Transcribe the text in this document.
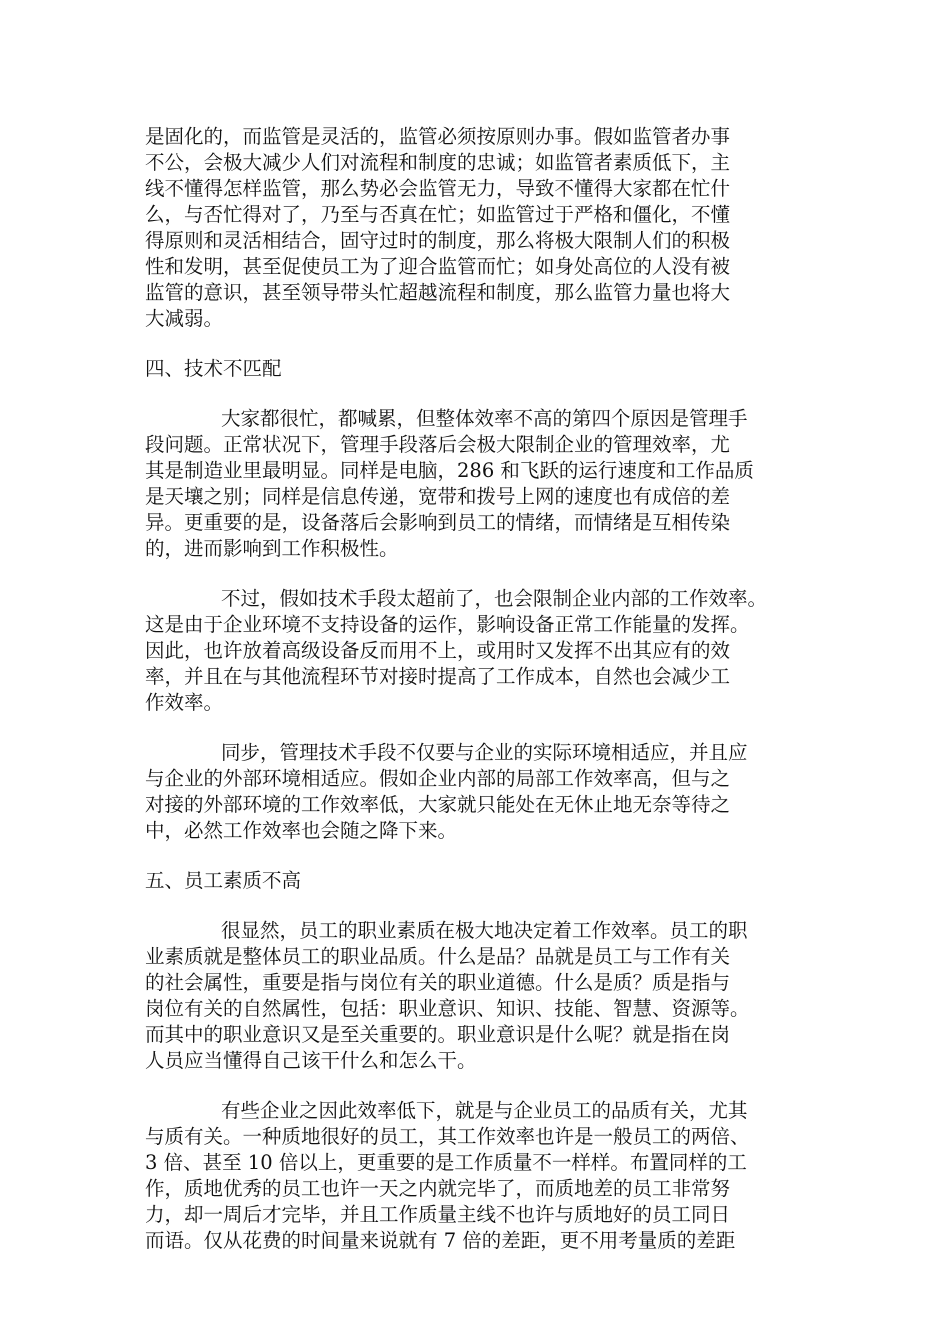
是固化的，而监管是灵活的，监管必须按原则办事。假如监管者办事
不公，会极大减少人们对流程和制度的忠诚；如监管者素质低下，主
线不懂得怎样监管，那么势必会监管无力，导致不懂得大家都在忙什
么，与否忙得对了，乃至与否真在忙；如监管过于严格和僵化，不懂
得原则和灵活相结合，固守过时的制度，那么将极大限制人们的积极
性和发明，甚至促使员工为了迎合监管而忙；如身处高位的人没有被
监管的意识，甚至领导带头忙超越流程和制度，那么监管力量也将大
大减弱。
四、技术不匹配
大家都很忙，都喊累，但整体效率不高的第四个原因是管理手
段问题。正常状况下，管理手段落后会极大限制企业的管理效率，尤
其是制造业里最明显。同样是电脑，286 和飞跃的运行速度和工作品质
是天壤之别；同样是信息传递，宽带和拨号上网的速度也有成倍的差
异。更重要的是，设备落后会影响到员工的情绪，而情绪是互相传染
的，进而影响到工作积极性。
不过，假如技术手段太超前了，也会限制企业内部的工作效率。
这是由于企业环境不支持设备的运作，影响设备正常工作能量的发挥。
因此，也许放着高级设备反而用不上，或用时又发挥不出其应有的效
率，并且在与其他流程环节对接时提高了工作成本，自然也会减少工
作效率。
同步，管理技术手段不仅要与企业的实际环境相适应，并且应
与企业的外部环境相适应。假如企业内部的局部工作效率高，但与之
对接的外部环境的工作效率低，大家就只能处在无休止地无奈等待之
中，必然工作效率也会随之降下来。
五、员工素质不高
很显然，员工的职业素质在极大地决定着工作效率。员工的职
业素质就是整体员工的职业品质。什么是品？品就是员工与工作有关
的社会属性，重要是指与岗位有关的职业道德。什么是质？质是指与
岗位有关的自然属性，包括：职业意识、知识、技能、智慧、资源等。
而其中的职业意识又是至关重要的。职业意识是什么呢？就是指在岗
人员应当懂得自己该干什么和怎么干。
有些企业之因此效率低下，就是与企业员工的品质有关，尤其
与质有关。一种质地很好的员工，其工作效率也许是一般员工的两倍、
3 倍、甚至 10 倍以上，更重要的是工作质量不一样样。布置同样的工
作，质地优秀的员工也许一天之内就完毕了，而质地差的员工非常努
力，却一周后才完毕，并且工作质量主线不也许与质地好的员工同日
而语。仅从花费的时间量来说就有 7 倍的差距，更不用考量质的差距
